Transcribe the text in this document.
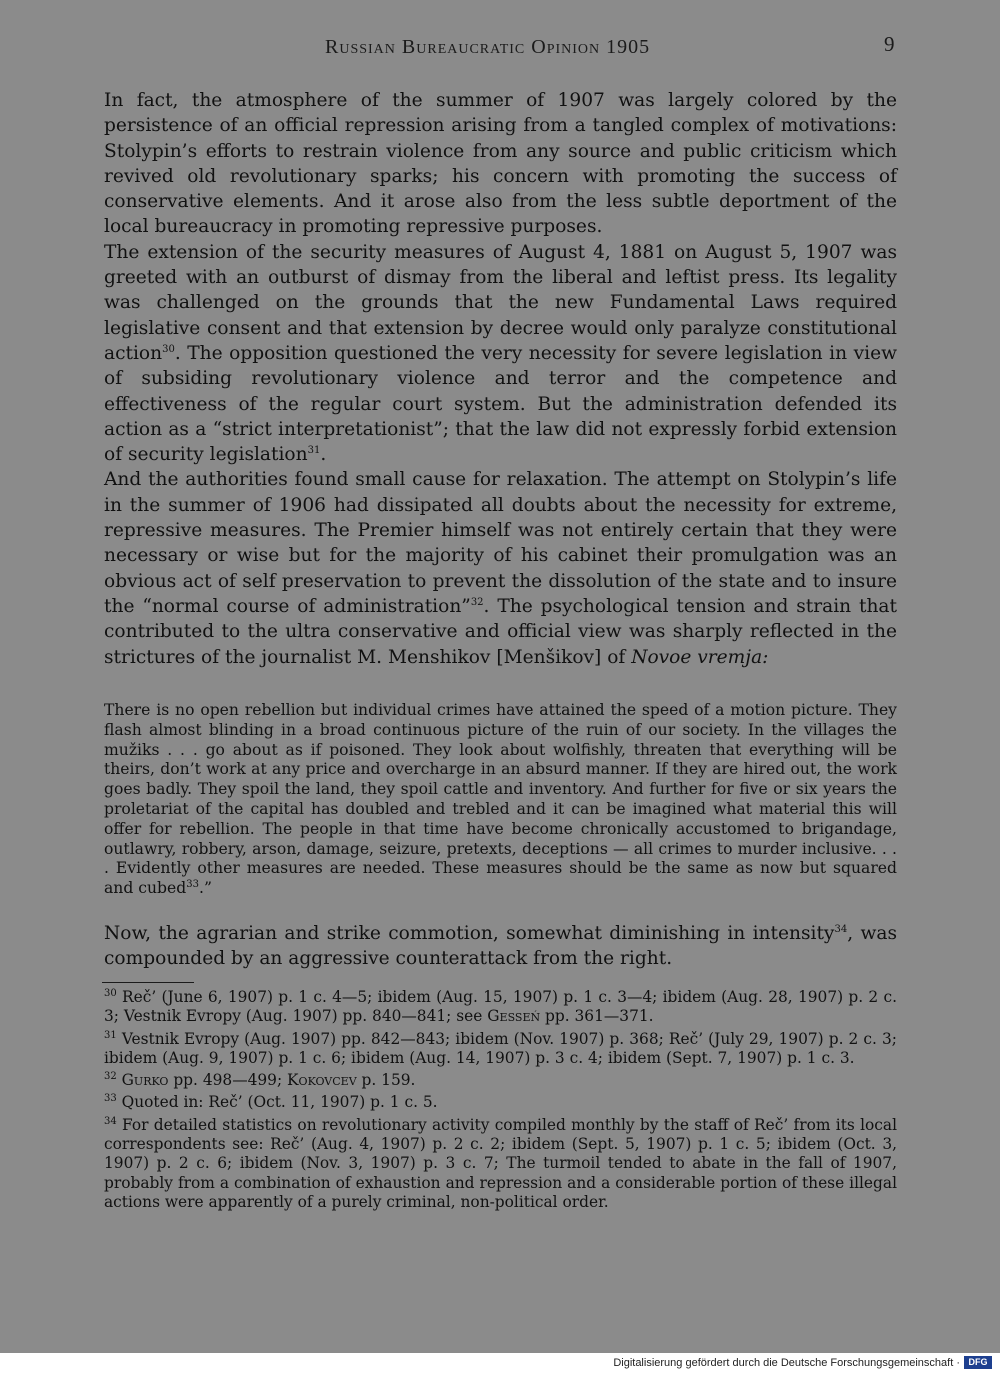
Russian Bureaucratic Opinion 1905	9
In fact, the atmosphere of the summer of 1907 was largely colored by the persistence of an official repression arising from a tangled complex of motivations: Stolypin’s efforts to restrain violence from any source and public criticism which revived old revolutionary sparks; his concern with promoting the success of conservative elements. And it arose also from the less subtle deportment of the local bureaucracy in promoting repressive purposes.
The extension of the security measures of August 4, 1881 on August 5, 1907 was greeted with an outburst of dismay from the liberal and leftist press. Its legality was challenged on the grounds that the new Fundamental Laws required legislative consent and that extension by decree would only paralyze constitutional action$^{30}$. The opposition questioned the very necessity for severe legislation in view of subsiding revolutionary violence and terror and the competence and effectiveness of the regular court system. But the administration defended its action as a “strict interpretationist”; that the law did not expressly forbid extension of security legislation$^{31}$.
And the authorities found small cause for relaxation. The attempt on Stolypin’s life in the summer of 1906 had dissipated all doubts about the necessity for extreme, repressive measures. The Premier himself was not entirely certain that they were necessary or wise but for the majority of his cabinet their promulgation was an obvious act of self preservation to prevent the dissolution of the state and to insure the “normal course of administration”$^{32}$. The psychological tension and strain that contributed to the ultra conservative and official view was sharply reflected in the strictures of the journalist M. Menshikov [Menšikov] of Novoe vremja:
There is no open rebellion but individual crimes have attained the speed of a motion picture. They flash almost blinding in a broad continuous picture of the ruin of our society. In the villages the mužiks . . . go about as if poisoned. They look about wolfishly, threaten that everything will be theirs, don’t work at any price and overcharge in an absurd manner. If they are hired out, the work goes badly. They spoil the land, they spoil cattle and inventory. And further for five or six years the proletariat of the capital has doubled and trebled and it can be imagined what material this will offer for rebellion. The people in that time have become chronically accustomed to brigandage, outlawry, robbery, arson, damage, seizure, pretexts, deceptions — all crimes to murder inclusive. . . . Evidently other measures are needed. These measures should be the same as now but squared and cubed$^{33}$.”
Now, the agrarian and strike commotion, somewhat diminishing in intensity$^{34}$, was compounded by an aggressive counterattack from the right.
$^{30}$ Reč’ (June 6, 1907) p. 1 c. 4—5; ibidem (Aug. 15, 1907) p. 1 c. 3—4; ibidem (Aug. 28, 1907) p. 2 c. 3; Vestnik Evropy (Aug. 1907) pp. 840—841; see Gesseń pp. 361—371.
$^{31}$ Vestnik Evropy (Aug. 1907) pp. 842—843; ibidem (Nov. 1907) p. 368; Reč’ (July 29, 1907) p. 2 c. 3; ibidem (Aug. 9, 1907) p. 1 c. 6; ibidem (Aug. 14, 1907) p. 3 c. 4; ibidem (Sept. 7, 1907) p. 1 c. 3.
$^{32}$ Gurko pp. 498—499; Kokovcev p. 159.
$^{33}$ Quoted in: Reč’ (Oct. 11, 1907) p. 1 c. 5.
$^{34}$ For detailed statistics on revolutionary activity compiled monthly by the staff of Reč’ from its local correspondents see: Reč’ (Aug. 4, 1907) p. 2 c. 2; ibidem (Sept. 5, 1907) p. 1 c. 5; ibidem (Oct. 3, 1907) p. 2 c. 6; ibidem (Nov. 3, 1907) p. 3 c. 7; The turmoil tended to abate in the fall of 1907, probably from a combination of exhaustion and repression and a considerable portion of these illegal actions were apparently of a purely criminal, non-political order.
Digitalisierung gefördert durch die Deutsche Forschungsgemeinschaft · DFG
